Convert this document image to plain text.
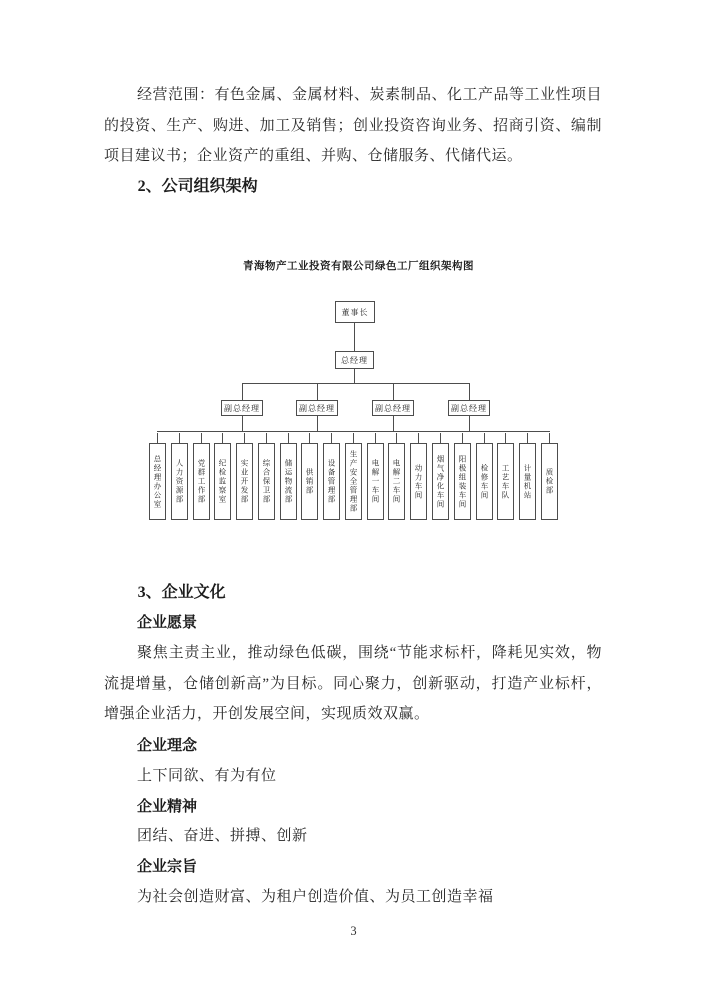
经营范围：有色金属、金属材料、炭素制品、化工产品等工业性项目的投资、生产、购进、加工及销售；创业投资咨询业务、招商引资、编制项目建议书；企业资产的重组、并购、仓储服务、代储代运。

2、公司组织架构
青海物产工业投资有限公司绿色工厂组织架构图
董事长
总经理
副总经理	副总经理	副总经理	副总经理
总经理办公室	人力资源部	党群工作部	纪检监察室	实业开发部	综合保卫部	储运物流部	供销部	设备管理部	生产安全管理部	电解一车间	电解二车间	动力车间	烟气净化车间	阳极组装车间	检修车间	工艺车队	计量机站	质检部
3、企业文化
企业愿景

聚焦主责主业，推动绿色低碳，围绕“节能求标杆，降耗见实效，物流提增量，仓储创新高”为目标。同心聚力，创新驱动，打造产业标杆，增强企业活力，开创发展空间，实现质效双赢。

企业理念

上下同欲、有为有位

企业精神

团结、奋进、拼搏、创新

企业宗旨

为社会创造财富、为租户创造价值、为员工创造幸福

3
